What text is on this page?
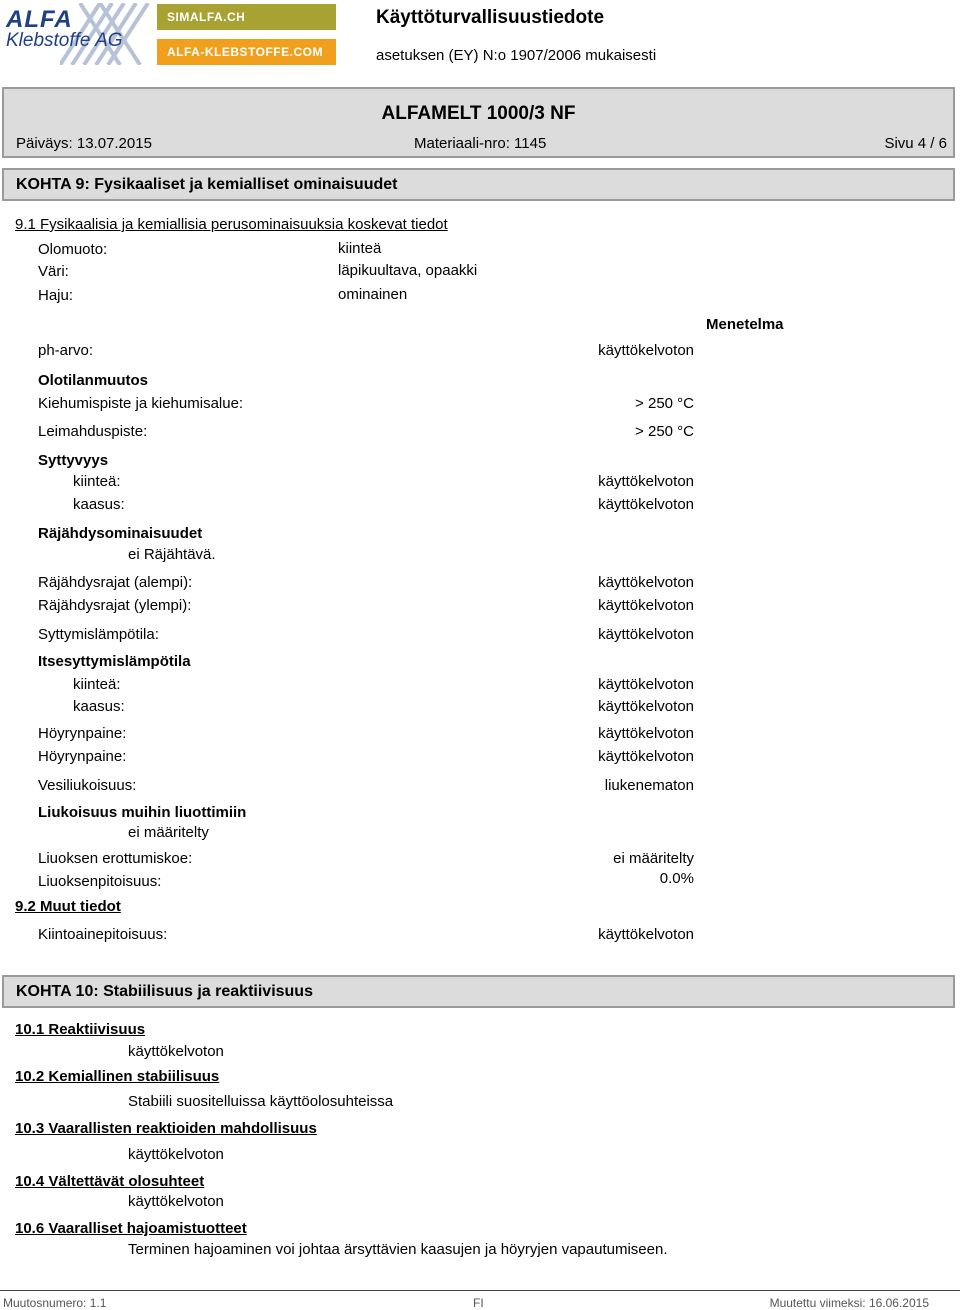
ALFA
Klebstoffe AG
SIMALFA.CH
ALFA-KLEBSTOFFE.COM
Käyttöturvallisuustiedote
asetuksen (EY) N:o 1907/2006 mukaisesti
ALFAMELT 1000/3 NF
Päiväys: 13.07.2015	Materiaali-nro: 1145	Sivu 4 / 6
KOHTA 9: Fysikaaliset ja kemialliset ominaisuudet
9.1 Fysikaalisia ja kemiallisia perusominaisuuksia koskevat tiedot
Olomuoto:	kiinteä
Väri:	läpikuultava, opaakki
Haju:	ominainen
Menetelma
ph-arvo:	käyttökelvoton
Olotilanmuutos
Kiehumispiste ja kiehumisalue:	> 250 °C
Leimahduspiste:	> 250 °C
Syttyvyys
kiinteä:	käyttökelvoton
kaasus:	käyttökelvoton
Räjähdysominaisuudet
ei Räjähtävä.
Räjähdysrajat (alempi):	käyttökelvoton
Räjähdysrajat (ylempi):	käyttökelvoton
Syttymislämpötila:	käyttökelvoton
Itsesyttymislämpötila
kiinteä:	käyttökelvoton
kaasus:	käyttökelvoton
Höyrynpaine:	käyttökelvoton
Höyrynpaine:	käyttökelvoton
Vesiliukoisuus:	liukenematon
Liukoisuus muihin liuottimiin
ei määritelty
Liuoksen erottumiskoe:	ei määritelty
Liuoksenpitoisuus:	0.0%
9.2 Muut tiedot
Kiintoainepitoisuus:	käyttökelvoton
KOHTA 10: Stabiilisuus ja reaktiivisuus
10.1 Reaktiivisuus
käyttökelvoton
10.2 Kemiallinen stabiilisuus
Stabiili suositelluissa käyttöolosuhteissa
10.3 Vaarallisten reaktioiden mahdollisuus
käyttökelvoton
10.4 Vältettävät olosuhteet
käyttökelvoton
10.6 Vaaralliset hajoamistuotteet
Terminen hajoaminen voi johtaa ärsyttävien kaasujen ja höyryjen vapautumiseen.
Muutosnumero: 1.1	FI	Muutettu viimeksi: 16.06.2015
